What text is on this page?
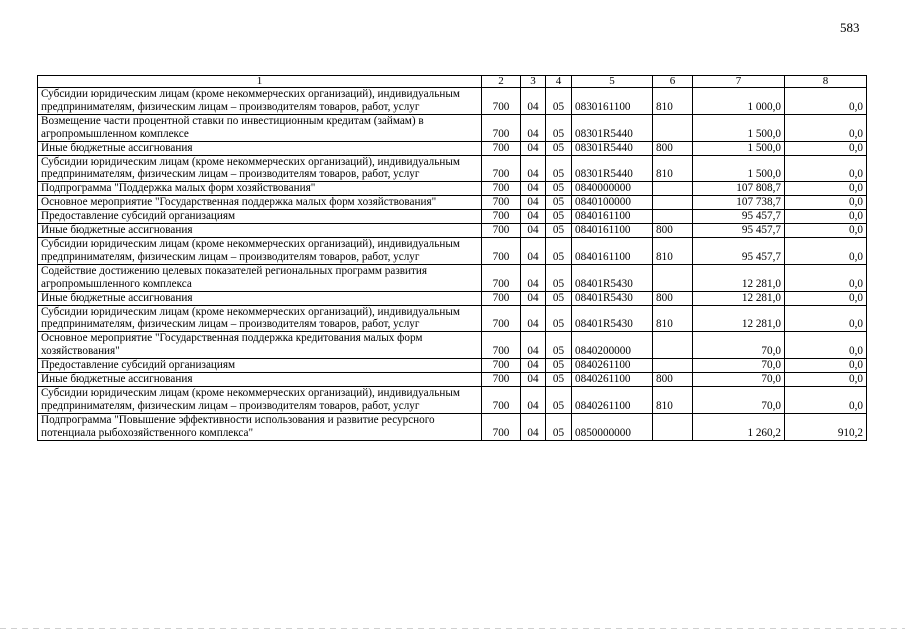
583
1	2	3	4	5	6	7	8
Субсидии юридическим лицам (кроме некоммерческих организаций), индивидуальным предпринимателям, физическим лицам – производителям товаров, работ, услуг	700	04	05	0830161100	810	1 000,0	0,0
Возмещение части процентной ставки по инвестиционным кредитам (займам) в агропромышленном комплексе	700	04	05	08301R5440		1 500,0	0,0
Иные бюджетные ассигнования	700	04	05	08301R5440	800	1 500,0	0,0
Субсидии юридическим лицам (кроме некоммерческих организаций), индивидуальным предпринимателям, физическим лицам – производителям товаров, работ, услуг	700	04	05	08301R5440	810	1 500,0	0,0
Подпрограмма "Поддержка малых форм хозяйствования"	700	04	05	0840000000		107 808,7	0,0
Основное мероприятие "Государственная поддержка малых форм хозяйствования"	700	04	05	0840100000		107 738,7	0,0
Предоставление субсидий организациям	700	04	05	0840161100		95 457,7	0,0
Иные бюджетные ассигнования	700	04	05	0840161100	800	95 457,7	0,0
Субсидии юридическим лицам (кроме некоммерческих организаций), индивидуальным предпринимателям, физическим лицам – производителям товаров, работ, услуг	700	04	05	0840161100	810	95 457,7	0,0
Содействие достижению целевых показателей региональных программ развития агропромышленного комплекса	700	04	05	08401R5430		12 281,0	0,0
Иные бюджетные ассигнования	700	04	05	08401R5430	800	12 281,0	0,0
Субсидии юридическим лицам (кроме некоммерческих организаций), индивидуальным предпринимателям, физическим лицам – производителям товаров, работ, услуг	700	04	05	08401R5430	810	12 281,0	0,0
Основное мероприятие "Государственная поддержка кредитования малых форм хозяйствования"	700	04	05	0840200000		70,0	0,0
Предоставление субсидий организациям	700	04	05	0840261100		70,0	0,0
Иные бюджетные ассигнования	700	04	05	0840261100	800	70,0	0,0
Субсидии юридическим лицам (кроме некоммерческих организаций), индивидуальным предпринимателям, физическим лицам – производителям товаров, работ, услуг	700	04	05	0840261100	810	70,0	0,0
Подпрограмма "Повышение эффективности использования и развитие ресурсного потенциала рыбохозяйственного комплекса"	700	04	05	0850000000		1 260,2	910,2
